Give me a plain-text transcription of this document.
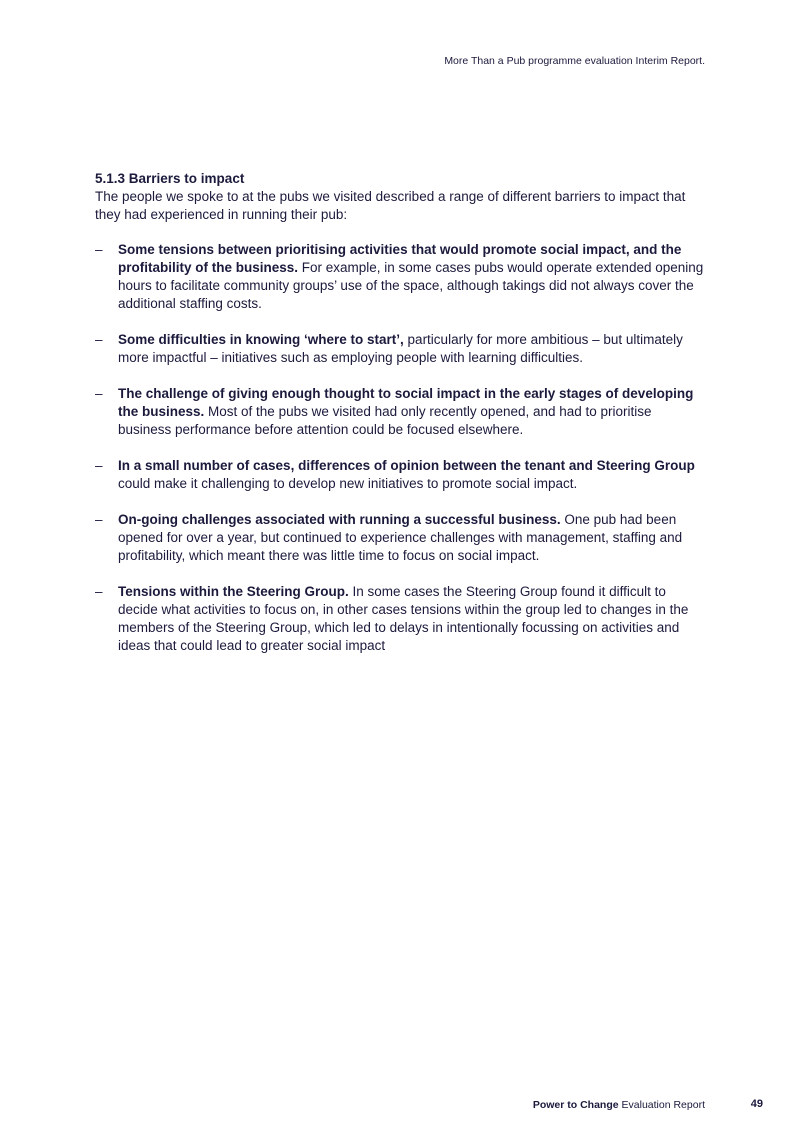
More Than a Pub programme evaluation Interim Report.
5.1.3 Barriers to impact

The people we spoke to at the pubs we visited described a range of different barriers to impact that they had experienced in running their pub:

– Some tensions between prioritising activities that would promote social impact, and the profitability of the business. For example, in some cases pubs would operate extended opening hours to facilitate community groups’ use of the space, although takings did not always cover the additional staffing costs.
– Some difficulties in knowing ‘where to start’, particularly for more ambitious – but ultimately more impactful – initiatives such as employing people with learning difficulties.
– The challenge of giving enough thought to social impact in the early stages of developing the business. Most of the pubs we visited had only recently opened, and had to prioritise business performance before attention could be focused elsewhere.
– In a small number of cases, differences of opinion between the tenant and Steering Group could make it challenging to develop new initiatives to promote social impact.
– On-going challenges associated with running a successful business. One pub had been opened for over a year, but continued to experience challenges with management, staffing and profitability, which meant there was little time to focus on social impact.
– Tensions within the Steering Group. In some cases the Steering Group found it difficult to decide what activities to focus on, in other cases tensions within the group led to changes in the members of the Steering Group, which led to delays in intentionally focussing on activities and ideas that could lead to greater social impact
Power to Change Evaluation Report	49
